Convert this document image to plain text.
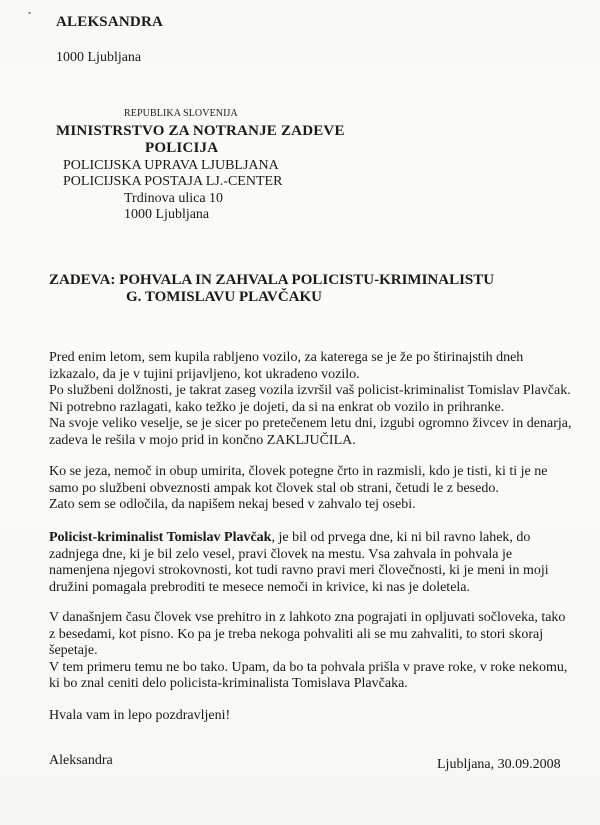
ALEKSANDRA
1000 Ljubljana
REPUBLIKA SLOVENIJA
MINISTRSTVO ZA NOTRANJE ZADEVE
POLICIJA
POLICIJSKA UPRAVA LJUBLJANA
POLICIJSKA POSTAJA LJ.-CENTER
Trdinova ulica 10
1000 Ljubljana
ZADEVA: POHVALA IN ZAHVALA POLICISTU-KRIMINALISTU
G. TOMISLAVU PLAVČAKU

Pred enim letom, sem kupila rabljeno vozilo, za katerega se je že po štirinajstih dneh

izkazalo, da je v tujini prijavljeno, kot ukradeno vozilo.

Po službeni dolžnosti, je takrat zaseg vozila izvršil vaš policist-kriminalist Tomislav Plavčak.

Ni potrebno razlagati, kako težko je dojeti, da si na enkrat ob vozilo in prihranke.

Na svoje veliko veselje, se je sicer po pretečenem letu dni, izgubi ogromno živcev in denarja,

zadeva le rešila v mojo prid in končno ZAKLJUČILA.

Ko se jeza, nemoč in obup umirita, človek potegne črto in razmisli, kdo je tisti, ki ti je ne

samo po službeni obveznosti ampak kot človek stal ob strani, četudi le z besedo.

Zato sem se odločila, da napišem nekaj besed v zahvalo tej osebi.

Policist-kriminalist Tomislav Plavčak, je bil od prvega dne, ki ni bil ravno lahek, do

zadnjega dne, ki je bil zelo vesel, pravi človek na mestu. Vsa zahvala in pohvala je

namenjena njegovi strokovnosti, kot tudi ravno pravi meri človečnosti, ki je meni in moji

družini pomagala prebroditi te mesece nemoči in krivice, ki nas je doletela.

V današnjem času človek vse prehitro in z lahkoto zna pograjati in opljuvati sočloveka, tako

z besedami, kot pisno. Ko pa je treba nekoga pohvaliti ali se mu zahvaliti, to stori skoraj

šepetaje.

V tem primeru temu ne bo tako. Upam, da bo ta pohvala prišla v prave roke, v roke nekomu,

ki bo znal ceniti delo policista-kriminalista Tomislava Plavčaka.

Hvala vam in lepo pozdravljeni!

Aleksandra	Ljubljana, 30.09.2008
